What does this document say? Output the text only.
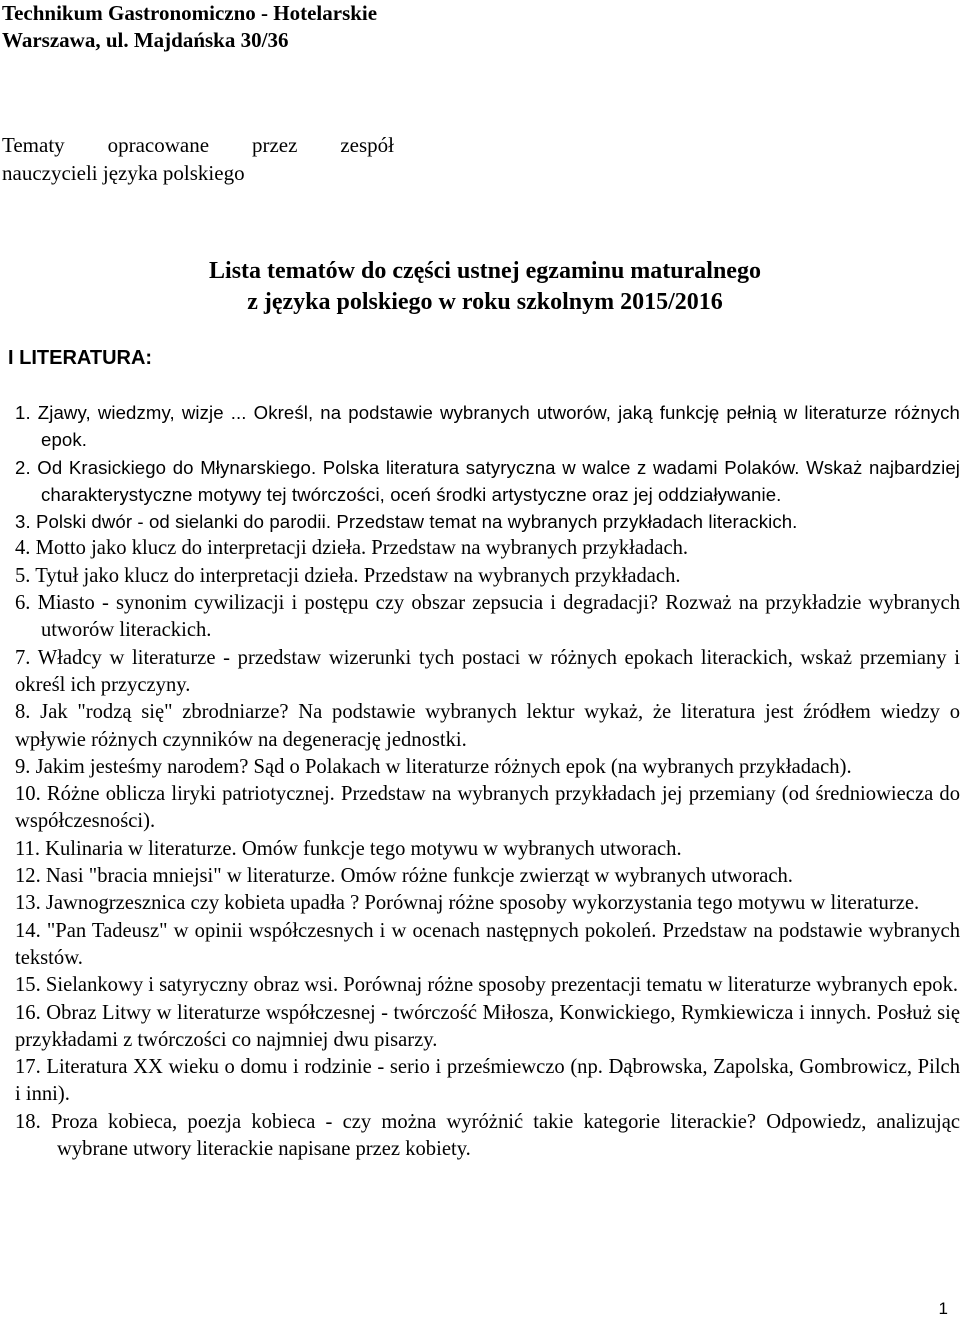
Technikum Gastronomiczno - Hotelarskie
Warszawa, ul. Majdańska 30/36
Tematy opracowane przez zespół
nauczycieli języka polskiego
Lista tematów do części ustnej egzaminu maturalnego
z języka polskiego w roku szkolnym 2015/2016
I LITERATURA:
1. Zjawy, wiedzmy, wizje ... Określ, na podstawie wybranych utworów, jaką funkcję pełnią w literaturze różnych epok.
2. Od Krasickiego do Młynarskiego. Polska literatura satyryczna w walce z wadami Polaków. Wskaż najbardziej charakterystyczne motywy tej twórczości, oceń środki artystyczne oraz jej oddziaływanie.
3. Polski dwór - od sielanki do parodii. Przedstaw temat na wybranych przykładach literackich.
4. Motto jako klucz do interpretacji dzieła. Przedstaw na wybranych przykładach.
5. Tytuł jako klucz do interpretacji dzieła. Przedstaw na wybranych przykładach.
6. Miasto - synonim cywilizacji i postępu czy obszar zepsucia i degradacji? Rozważ na przykładzie wybranych utworów literackich.
7. Władcy w literaturze - przedstaw wizerunki tych postaci w różnych epokach literackich, wskaż przemiany i określ ich przyczyny.
8. Jak "rodzą się" zbrodniarze? Na podstawie wybranych lektur wykaż, że literatura jest źródłem wiedzy o wpływie różnych czynników na degenerację jednostki.
9. Jakim jesteśmy narodem? Sąd o Polakach w literaturze różnych epok (na wybranych przykładach).
10. Różne oblicza liryki patriotycznej. Przedstaw na wybranych przykładach jej przemiany (od średniowiecza do współczesności).
11. Kulinaria w literaturze. Omów funkcje tego motywu w wybranych utworach.
12. Nasi "bracia mniejsi" w literaturze. Omów różne funkcje zwierząt w wybranych utworach.
13. Jawnogrzesznica czy kobieta upadła ? Porównaj różne sposoby wykorzystania tego motywu w literaturze.
14. "Pan Tadeusz" w opinii współczesnych i w ocenach następnych pokoleń. Przedstaw na podstawie wybranych tekstów.
15. Sielankowy i satyryczny obraz wsi. Porównaj różne sposoby prezentacji tematu w literaturze wybranych epok.
16. Obraz Litwy w literaturze współczesnej - twórczość Miłosza, Konwickiego, Rymkiewicza i innych. Posłuż się przykładami z twórczości co najmniej dwu pisarzy.
17. Literatura XX wieku o domu i rodzinie - serio i prześmiewczo (np. Dąbrowska, Zapolska, Gombrowicz, Pilch i inni).
18. Proza kobieca, poezja kobieca - czy można wyróżnić takie kategorie literackie? Odpowiedz, analizując wybrane utwory literackie napisane przez kobiety.
1
